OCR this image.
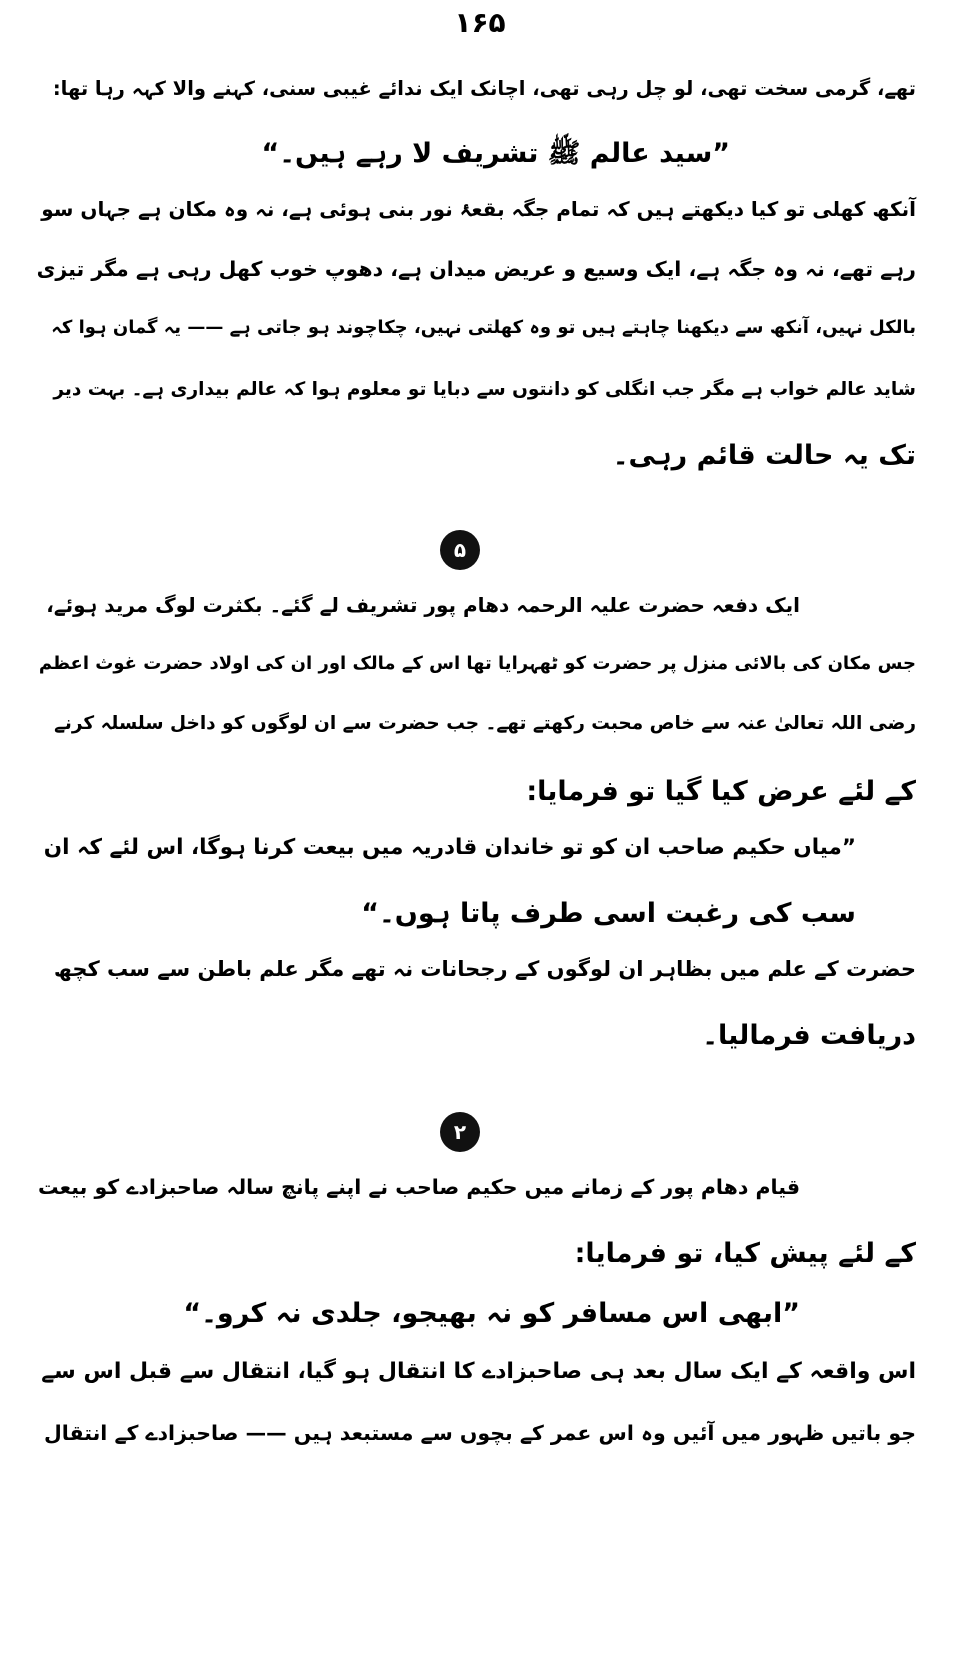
۱۶۵
تھے، گرمی سخت تھی، لو چل رہی تھی، اچانک ایک ندائے غیبی سنی، کہنے والا کہہ رہا تھا:
”سید عالم ﷺ تشریف لا رہے ہیں۔“
آنکھ کھلی تو کیا دیکھتے ہیں کہ تمام جگہ بقعۂ نور بنی ہوئی ہے، نہ وہ مکان ہے جہاں سو
رہے تھے، نہ وہ جگہ ہے، ایک وسیع و عریض میدان ہے، دھوپ خوب کھل رہی ہے مگر تیزی
بالکل نہیں، آنکھ سے دیکھنا چاہتے ہیں تو وہ کھلتی نہیں، چکاچوند ہو جاتی ہے —— یہ گمان ہوا کہ
شاید عالم خواب ہے مگر جب انگلی کو دانتوں سے دبایا تو معلوم ہوا کہ عالم بیداری ہے۔ بہت دیر
تک یہ حالت قائم رہی۔
۵
ایک دفعہ حضرت علیہ الرحمہ دھام پور تشریف لے گئے۔ بکثرت لوگ مرید ہوئے،
جس مکان کی بالائی منزل پر حضرت کو ٹھہرایا تھا اس کے مالک اور ان کی اولاد حضرت غوث اعظم
رضی اللہ تعالیٰ عنہ سے خاص محبت رکھتے تھے۔ جب حضرت سے ان لوگوں کو داخل سلسلہ کرنے
کے لئے عرض کیا گیا تو فرمایا:
”میاں حکیم صاحب ان کو تو خاندان قادریہ میں بیعت کرنا ہوگا، اس لئے کہ ان
سب کی رغبت اسی طرف پاتا ہوں۔“
حضرت کے علم میں بظاہر ان لوگوں کے رجحانات نہ تھے مگر علم باطن سے سب کچھ
دریافت فرمالیا۔
۲
قیام دھام پور کے زمانے میں حکیم صاحب نے اپنے پانچ سالہ صاحبزادے کو بیعت
کے لئے پیش کیا، تو فرمایا:
”ابھی اس مسافر کو نہ بھیجو، جلدی نہ کرو۔“
اس واقعہ کے ایک سال بعد ہی صاحبزادے کا انتقال ہو گیا، انتقال سے قبل اس سے
جو باتیں ظہور میں آئیں وہ اس عمر کے بچوں سے مستبعد ہیں —— صاحبزادے کے انتقال
